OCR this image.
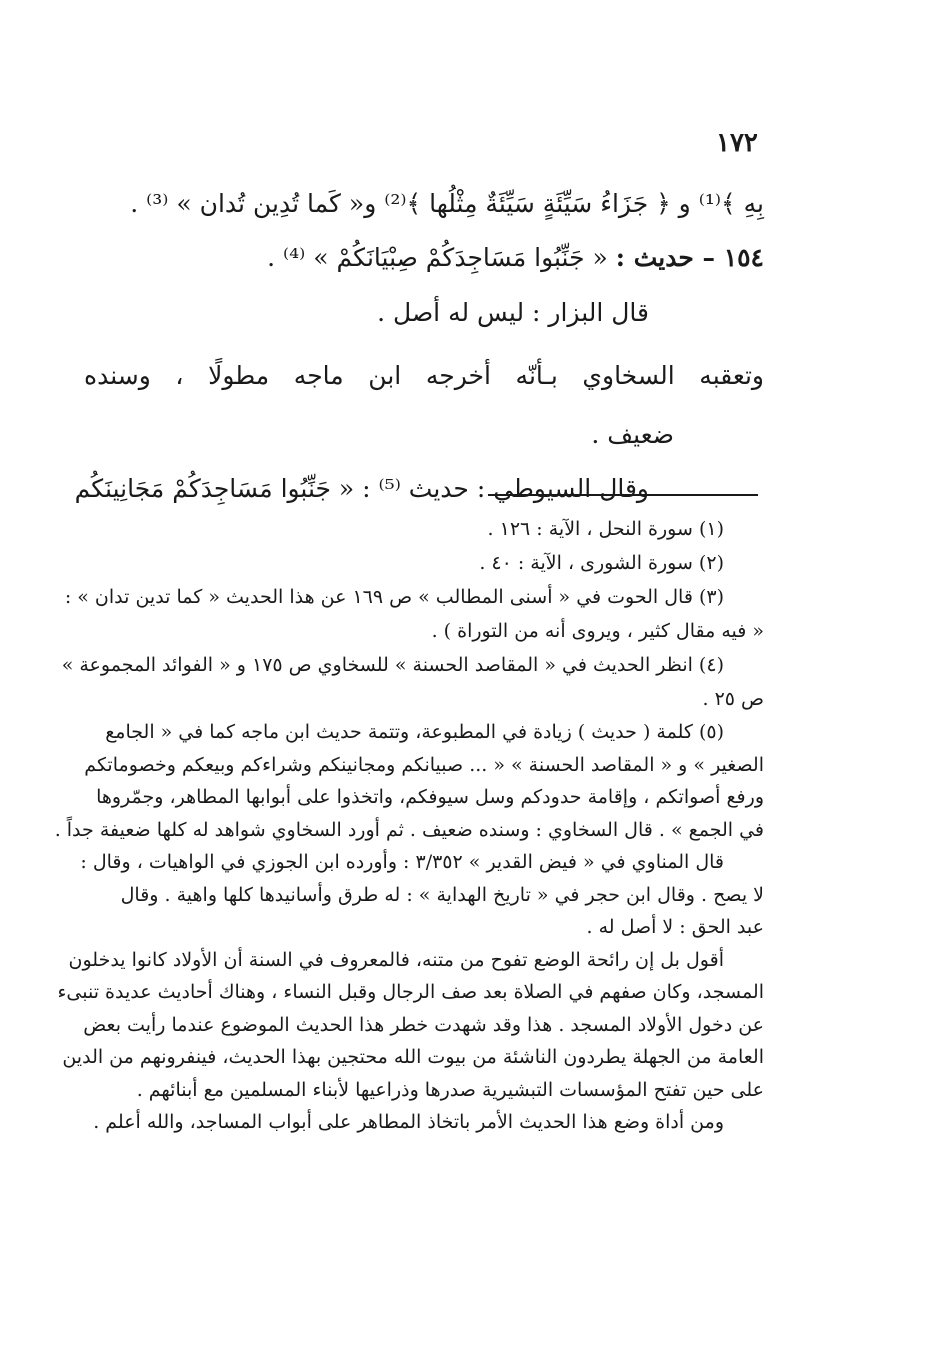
١٧٢

بِهِ ﴾⁽¹⁾ و ﴿ جَزَاءُ سَيِّئَةٍ سَيِّئَةٌ مِثْلُها ﴾⁽²⁾ و« كَما تُدِين تُدان » ⁽³⁾ .

١٥٤ – حديث : « جَنِّبُوا مَسَاجِدَكُمْ صِبْيَانَكُمْ » ⁽⁴⁾ .

قال البزار : ليس له أصل .

وتعقبه السخاوي بـأنّه أخرجه ابن ماجه مطولًا ، وسنده

ضعيف .

وقال السيوطي : حديث ⁽⁵⁾ : « جَنِّبُوا مَسَاجِدَكُمْ مَجَانِينَكُم

(١) سورة النحل ، الآية : ١٢٦ .

(٢) سورة الشورى ، الآية : ٤٠ .

(٣) قال الحوت في « أسنى المطالب » ص ١٦٩ عن هذا الحديث « كما تدين تدان » :

« فيه مقال كثير ، ويروى أنه من التوراة ) .

(٤) انظر الحديث في « المقاصد الحسنة » للسخاوي ص ١٧٥ و « الفوائد المجموعة »

ص ٢٥ .

(٥) كلمة ( حديث ) زيادة في المطبوعة، وتتمة حديث ابن ماجه كما في « الجامع

الصغير » و « المقاصد الحسنة » « ... صبيانكم ومجانينكم وشراءكم وبيعكم وخصوماتكم

ورفع أصواتكم ، وإقامة حدودكم وسل سيوفكم، واتخذوا على أبوابها المطاهر، وجمّروها

في الجمع » . قال السخاوي : وسنده ضعيف . ثم أورد السخاوي شواهد له كلها ضعيفة جداً .

قال المناوي في « فيض القدير » ٣/٣٥٢ : وأورده ابن الجوزي في الواهيات ، وقال :

لا يصح . وقال ابن حجر في « تاريخ الهداية » : له طرق وأسانيدها كلها واهية . وقال

عبد الحق : لا أصل له .

أقول بل إن رائحة الوضع تفوح من متنه، فالمعروف في السنة أن الأولاد كانوا يدخلون

المسجد، وكان صفهم في الصلاة بعد صف الرجال وقبل النساء ، وهناك أحاديث عديدة تنبىء

عن دخول الأولاد المسجد . هذا وقد شهدت خطر هذا الحديث الموضوع عندما رأيت بعض

العامة من الجهلة يطردون الناشئة من بيوت الله محتجين بهذا الحديث، فينفرونهم من الدين

على حين تفتح المؤسسات التبشيرية صدرها وذراعيها لأبناء المسلمين مع أبنائهم .

ومن أداة وضع هذا الحديث الأمر باتخاذ المطاهر على أبواب المساجد، والله أعلم .
